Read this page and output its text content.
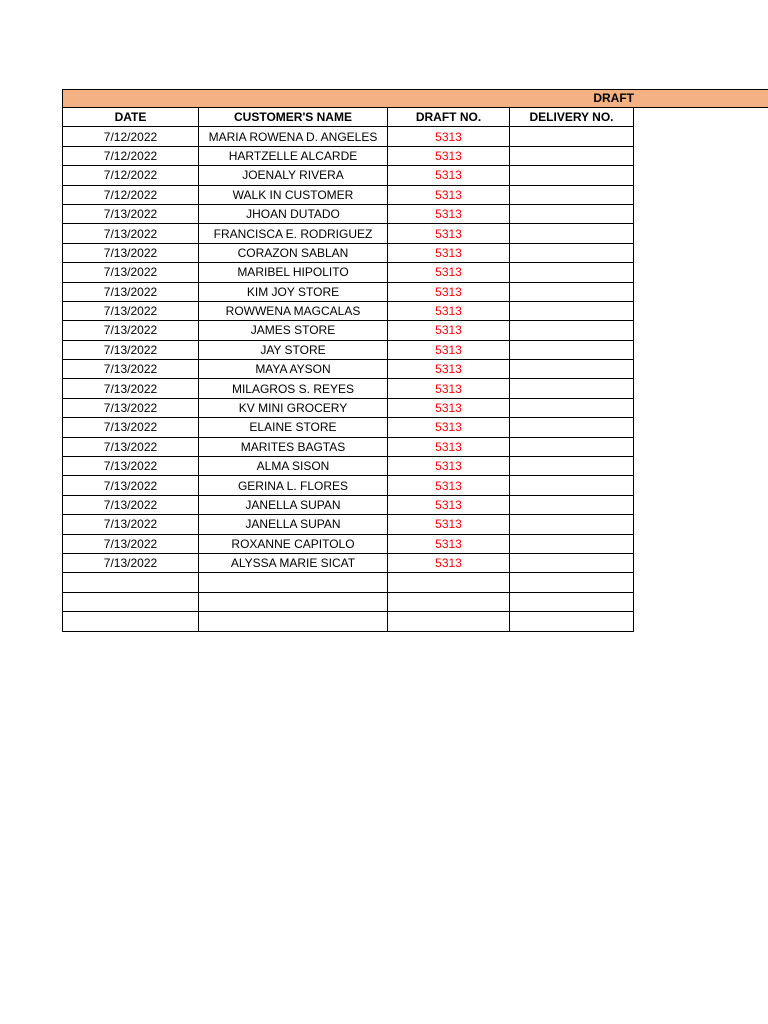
DRAFT
DATE	CUSTOMER'S NAME	DRAFT NO.	DELIVERY NO.
7/12/2022	MARIA ROWENA D. ANGELES	5313	
7/12/2022	HARTZELLE ALCARDE	5313	
7/12/2022	JOENALY RIVERA	5313	
7/12/2022	WALK IN CUSTOMER	5313	
7/13/2022	JHOAN DUTADO	5313	
7/13/2022	FRANCISCA E. RODRIGUEZ	5313	
7/13/2022	CORAZON SABLAN	5313	
7/13/2022	MARIBEL HIPOLITO	5313	
7/13/2022	KIM JOY STORE	5313	
7/13/2022	ROWWENA MAGCALAS	5313	
7/13/2022	JAMES STORE	5313	
7/13/2022	JAY STORE	5313	
7/13/2022	MAYA AYSON	5313	
7/13/2022	MILAGROS S. REYES	5313	
7/13/2022	KV MINI GROCERY	5313	
7/13/2022	ELAINE STORE	5313	
7/13/2022	MARITES BAGTAS	5313	
7/13/2022	ALMA SISON	5313	
7/13/2022	GERINA L. FLORES	5313	
7/13/2022	JANELLA SUPAN	5313	
7/13/2022	JANELLA SUPAN	5313	
7/13/2022	ROXANNE CAPITOLO	5313	
7/13/2022	ALYSSA MARIE SICAT	5313	
